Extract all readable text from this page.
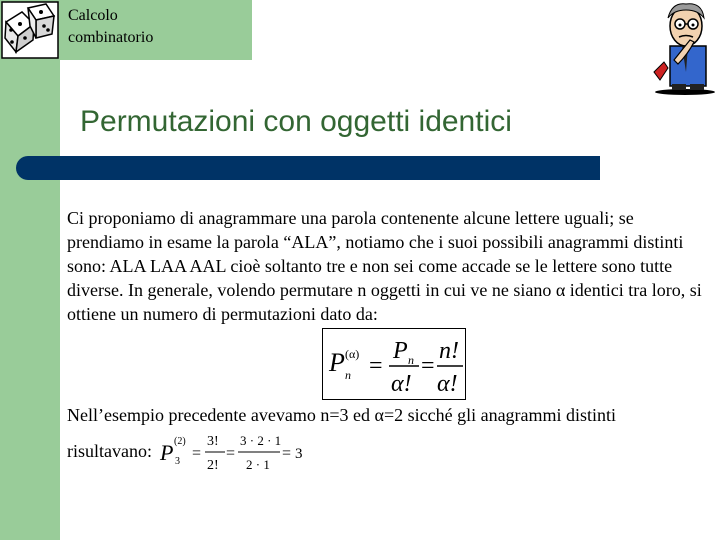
Calcolo
combinatorio
Permutazioni con oggetti identici

Ci proponiamo di anagrammare una parola contenente alcune lettere uguali; se prendiamo in esame la parola “ALA”, notiamo che i suoi possibili anagrammi distinti sono: ALA LAA AAL cioè soltanto tre e non sei come accade se le lettere sono tutte diverse. In generale, volendo permutare n oggetti in cui ve ne siano α identici tra loro, si ottiene un numero di permutazioni dato da:

P (α)
n =
P n
α!
=
n!
α!
Nell’esempio precedente avevamo n=3 ed α=2 sicché gli anagrammi distinti
risultavano: P (2)
3 =
3!
2!
=
3 · 2 · 1
2 · 1
= 3
